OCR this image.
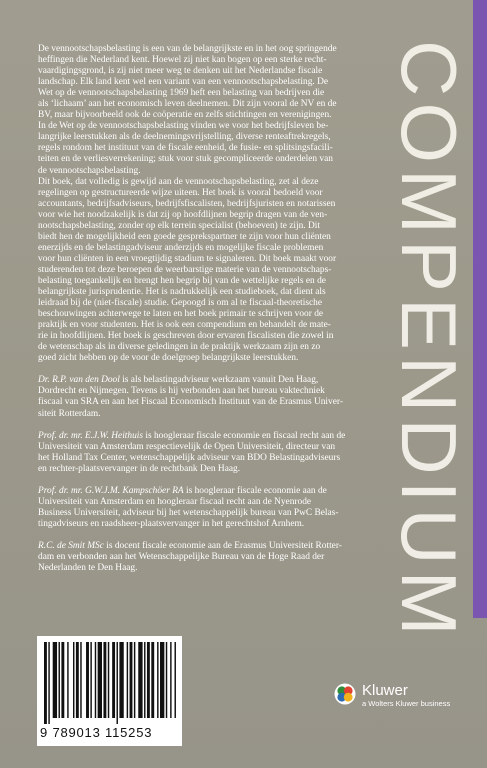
COMPENDIUM

De vennootschapsbelasting is een van de belangrijkste en in het oog springende

heffingen die Nederland kent. Hoewel zij niet kan bogen op een sterke recht-

vaardigingsgrond, is zij niet meer weg te denken uit het Nederlandse fiscale

landschap. Elk land kent wel een variant van een vennootschapsbelasting. De

Wet op de vennootschapsbelasting 1969 heft een belasting van bedrijven die

als ‘lichaam’ aan het economisch leven deelnemen. Dit zijn vooral de NV en de

BV, maar bijvoorbeeld ook de coöperatie en zelfs stichtingen en verenigingen.

In de Wet op de vennootschapsbelasting vinden we voor het bedrijfsleven be-

langrijke leerstukken als de deelnemingsvrijstelling, diverse renteaftrekregels,

regels rondom het instituut van de fiscale eenheid, de fusie- en splitsingsfacili-

teiten en de verliesverrekening; stuk voor stuk gecompliceerde onderdelen van

de vennootschapsbelasting.

Dit boek, dat volledig is gewijd aan de vennootschapsbelasting, zet al deze

regelingen op gestructureerde wijze uiteen. Het boek is vooral bedoeld voor

accountants, bedrijfsadviseurs, bedrijfsfiscalisten, bedrijfsjuristen en notarissen

voor wie het noodzakelijk is dat zij op hoofdlijnen begrip dragen van de ven-

nootschapsbelasting, zonder op elk terrein specialist (behoeven) te zijn. Dit

biedt hen de mogelijkheid een goede gesprekspartner te zijn voor hun cliënten

enerzijds en de belastingadviseur anderzijds en mogelijke fiscale problemen

voor hun cliënten in een vroegtijdig stadium te signaleren. Dit boek maakt voor

studerenden tot deze beroepen de weerbarstige materie van de vennootschaps-

belasting toegankelijk en brengt hen begrip bij van de wettelijke regels en de

belangrijkste jurisprudentie. Het is nadrukkelijk een studieboek, dat dient als

leidraad bij de (niet-fiscale) studie. Gepoogd is om al te fiscaal-theoretische

beschouwingen achterwege te laten en het boek primair te schrijven voor de

praktijk en voor studenten. Het is ook een compendium en behandelt de mate-

rie in hoofdlijnen. Het boek is geschreven door ervaren fiscalisten die zowel in

de wetenschap als in diverse geledingen in de praktijk werkzaam zijn en zo

goed zicht hebben op de voor de doelgroep belangrijkste leerstukken.

Dr. R.P. van den Dool is als belastingadviseur werkzaam vanuit Den Haag,

Dordrecht en Nijmegen. Tevens is hij verbonden aan het bureau vaktechniek

fiscaal van SRA en aan het Fiscaal Economisch Instituut van de Erasmus Univer-

siteit Rotterdam.

Prof. dr. mr. E.J.W. Heithuis is hoogleraar fiscale economie en fiscaal recht aan de

Universiteit van Amsterdam respectievelijk de Open Universiteit, directeur van

het Holland Tax Center, wetenschappelijk adviseur van BDO Belastingadviseurs

en rechter-plaatsvervanger in de rechtbank Den Haag.

Prof. dr. mr. G.W.J.M. Kampschöer RA is hoogleraar fiscale economie aan de

Universiteit van Amsterdam en hoogleraar fiscaal recht aan de Nyenrode

Business Universiteit, adviseur bij het wetenschappelijk bureau van PwC Belas-

tingadviseurs en raadsheer-plaatsvervanger in het gerechtshof Arnhem.

R.C. de Smit MSc is docent fiscale economie aan de Erasmus Universiteit Rotter-

dam en verbonden aan het Wetenschappelijke Bureau van de Hoge Raad der

Nederlanden te Den Haag.

9 789013 115253
Kluwer
a Wolters Kluwer business
